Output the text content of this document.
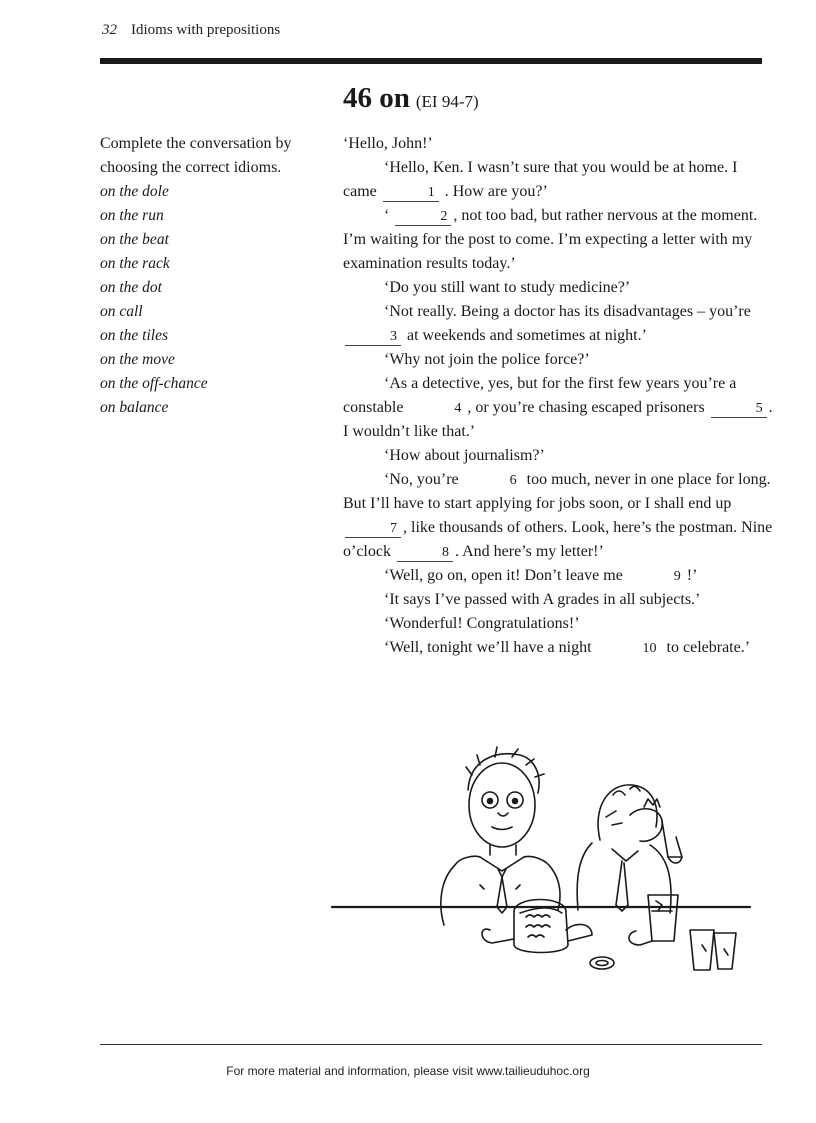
32 Idioms with prepositions
46 on (EI 94-7)
Complete the conversation by
choosing the correct idioms.
on the dole
on the run
on the beat
on the rack
on the dot
on call
on the tiles
on the move
on the off-chance
on balance

‘Hello, John!’

‘Hello, Ken. I wasn’t sure that you would be at home. I came	1 . How are you?’

‘	2 , not too bad, but rather nervous at the moment. I’m waiting for the post to come. I’m expecting a letter with my examination results today.’

‘Do you still want to study medicine?’

‘Not really. Being a doctor has its disadvantages – you’re 3 at weekends and sometimes at night.’

‘Why not join the police force?’

‘As a detective, yes, but for the first few years you’re a constable	4 , or you’re chasing escaped prisoners	5 . I wouldn’t like that.’

‘How about journalism?’

‘No, you’re	6 too much, never in one place for long. But I’ll have to start applying for jobs soon, or I shall end up 7 , like thousands of others. Look, here’s the postman. Nine o’clock	8 . And here’s my letter!’

‘Well, go on, open it! Don’t leave me	9 !’

‘It says I’ve passed with A grades in all subjects.’

‘Wonderful! Congratulations!’

‘Well, tonight we’ll have a night	10 to celebrate.’

For more material and information, please visit www.tailieuduhoc.org
